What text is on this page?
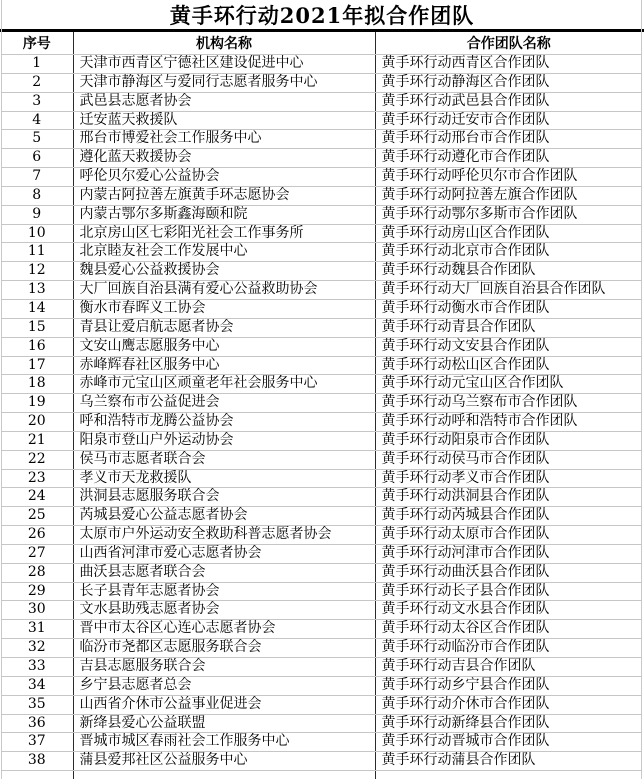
黄手环行动2021年拟合作团队
序号	机构名称	合作团队名称
1	天津市西青区宁德社区建设促进中心	黄手环行动西青区合作团队
2	天津市静海区与爱同行志愿者服务中心	黄手环行动静海区合作团队
3	武邑县志愿者协会	黄手环行动武邑县合作团队
4	迁安蓝天救援队	黄手环行动迁安市合作团队
5	邢台市博爱社会工作服务中心	黄手环行动邢台市合作团队
6	遵化蓝天救援协会	黄手环行动遵化市合作团队
7	呼伦贝尔爱心公益协会	黄手环行动呼伦贝尔市合作团队
8	内蒙古阿拉善左旗黄手环志愿协会	黄手环行动阿拉善左旗合作团队
9	内蒙古鄂尔多斯鑫海颐和院	黄手环行动鄂尔多斯市合作团队
10	北京房山区七彩阳光社会工作事务所	黄手环行动房山区合作团队
11	北京睦友社会工作发展中心	黄手环行动北京市合作团队
12	魏县爱心公益救援协会	黄手环行动魏县合作团队
13	大厂回族自治县满有爱心公益救助协会	黄手环行动大厂回族自治县合作团队
14	衡水市春晖义工协会	黄手环行动衡水市合作团队
15	青县让爱启航志愿者协会	黄手环行动青县合作团队
16	文安山鹰志愿服务中心	黄手环行动文安县合作团队
17	赤峰辉春社区服务中心	黄手环行动松山区合作团队
18	赤峰市元宝山区顽童老年社会服务中心	黄手环行动元宝山区合作团队
19	乌兰察布市公益促进会	黄手环行动乌兰察布市合作团队
20	呼和浩特市龙腾公益协会	黄手环行动呼和浩特市合作团队
21	阳泉市登山户外运动协会	黄手环行动阳泉市合作团队
22	侯马市志愿者联合会	黄手环行动侯马市合作团队
23	孝义市天龙救援队	黄手环行动孝义市合作团队
24	洪洞县志愿服务联合会	黄手环行动洪洞县合作团队
25	芮城县爱心公益志愿者协会	黄手环行动芮城县合作团队
26	太原市户外运动安全救助科普志愿者协会	黄手环行动太原市合作团队
27	山西省河津市爱心志愿者协会	黄手环行动河津市合作团队
28	曲沃县志愿者联合会	黄手环行动曲沃县合作团队
29	长子县青年志愿者协会	黄手环行动长子县合作团队
30	文水县助残志愿者协会	黄手环行动文水县合作团队
31	晋中市太谷区心连心志愿者协会	黄手环行动太谷区合作团队
32	临汾市尧都区志愿服务联合会	黄手环行动临汾市合作团队
33	吉县志愿服务联合会	黄手环行动吉县合作团队
34	乡宁县志愿者总会	黄手环行动乡宁县合作团队
35	山西省介休市公益事业促进会	黄手环行动介休市合作团队
36	新绛县爱心公益联盟	黄手环行动新绛县合作团队
37	晋城市城区春雨社会工作服务中心	黄手环行动晋城市合作团队
38	蒲县爱邦社区公益服务中心	黄手环行动蒲县合作团队
